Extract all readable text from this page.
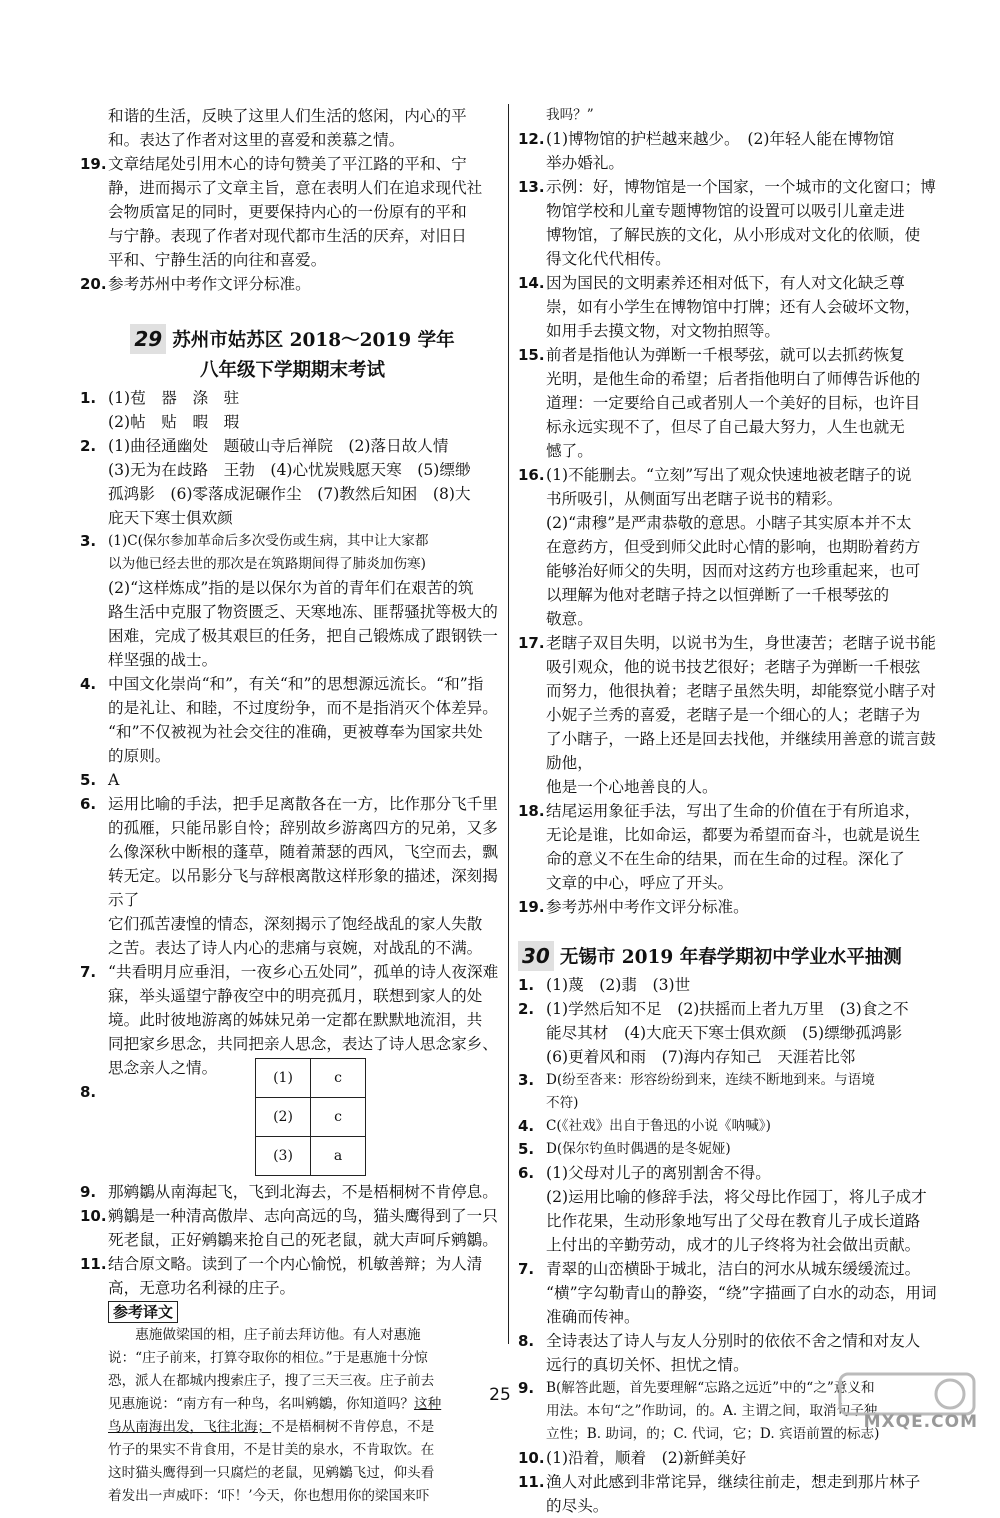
和谐的生活，反映了这里人们生活的悠闲，内心的平

和。表达了作者对这里的喜爱和羡慕之情。

19. 文章结尾处引用木心的诗句赞美了平江路的平和、宁

静，进而揭示了文章主旨，意在表明人们在追求现代社

会物质富足的同时，更要保持内心的一份原有的平和

与宁静。表现了作者对现代都市生活的厌弃，对旧日

平和、宁静生活的向往和喜爱。

20. 参考苏州中考作文评分标准。

29 苏州市姑苏区 2018～2019 学年

八年级下学期期末考试

1. (1)苞　器　涤　驻

(2)帖　贴　暇　瑕

2. (1)曲径通幽处　题破山寺后禅院　(2)落日故人情

(3)无为在歧路　王勃　(4)心忧炭贱愿天寒　(5)缥缈

孤鸿影　(6)零落成泥碾作尘　(7)教然后知困　(8)大

庇天下寒士俱欢颜

3. (1)C(保尔参加革命后多次受伤或生病，其中让大家都

以为他已经去世的那次是在筑路期间得了肺炎加伤寒)

(2)“这样炼成”指的是以保尔为首的青年们在艰苦的筑

路生活中克服了物资匮乏、天寒地冻、匪帮骚扰等极大的

困难，完成了极其艰巨的任务，把自己锻炼成了跟钢铁一

样坚强的战士。

4. 中国文化崇尚“和”，有关“和”的思想源远流长。“和”指

的是礼让、和睦，不过度纷争，而不是指消灭个体差异。

“和”不仅被视为社会交往的准确，更被尊奉为国家共处

的原则。

5. A

6. 运用比喻的手法，把手足离散各在一方，比作那分飞千里

的孤雁，只能吊影自怜；辞别故乡游离四方的兄弟，又多

么像深秋中断根的蓬草，随着萧瑟的西风，飞空而去，飘

转无定。以吊影分飞与辞根离散这样形象的描述，深刻揭示了

它们孤苦凄惶的情态，深刻揭示了饱经战乱的家人失散

之苦。表达了诗人内心的悲痛与哀婉，对战乱的不满。

7. “共看明月应垂泪，一夜乡心五处同”，孤单的诗人夜深难

寐，举头遥望宁静夜空中的明亮孤月，联想到家人的处

境。此时彼地游离的姊妹兄弟一定都在默默地流泪，共

同把家乡思念，共同把亲人思念，表达了诗人思念家乡、

思念亲人之情。

8.

(1)	c
(2)	c
(3)	a

9. 那鹓鶵从南海起飞，飞到北海去，不是梧桐树不肯停息。

10. 鹓鶵是一种清高傲岸、志向高远的鸟，猫头鹰得到了一只

死老鼠，正好鹓鶵来抢自己的死老鼠，就大声呵斥鹓鶵。

11. 结合原文略。读到了一个内心愉悦，机敏善辩；为人清

高，无意功名利禄的庄子。

参考译文

惠施做梁国的相，庄子前去拜访他。有人对惠施

说：“庄子前来，打算夺取你的相位。”于是惠施十分惊

恐，派人在都城内搜索庄子，搜了三天三夜。庄子前去

见惠施说：“南方有一种鸟，名叫鹓鶵，你知道吗？这种

鸟从南海出发，飞往北海；不是梧桐树不肯停息，不是

竹子的果实不肯食用，不是甘美的泉水，不肯取饮。在

这时猫头鹰得到一只腐烂的老鼠，见鹓鶵飞过，仰头看

着发出一声威吓：‘吓！’今天，你也想用你的梁国来吓

我吗？”

12. (1)博物馆的护栏越来越少。　(2)年轻人能在博物馆

举办婚礼。

13. 示例：好，博物馆是一个国家，一个城市的文化窗口；博

物馆学校和儿童专题博物馆的设置可以吸引儿童走进

博物馆，了解民族的文化，从小形成对文化的依顺，使

得文化代代相传。

14. 因为国民的文明素养还相对低下，有人对文化缺乏尊

崇，如有小学生在博物馆中打牌；还有人会破坏文物，

如用手去摸文物，对文物拍照等。

15. 前者是指他认为弹断一千根琴弦，就可以去抓药恢复

光明，是他生命的希望；后者指他明白了师傅告诉他的

道理：一定要给自己或者别人一个美好的目标，也许目

标永远实现不了，但尽了自己最大努力，人生也就无

憾了。

16. (1)不能删去。“立刻”写出了观众快速地被老瞎子的说

书所吸引，从侧面写出老瞎子说书的精彩。

(2)“肃穆”是严肃恭敬的意思。小瞎子其实原本并不太

在意药方，但受到师父此时心情的影响，也期盼着药方

能够治好师父的失明，因而对这药方也珍重起来，也可

以理解为他对老瞎子持之以恒弹断了一千根琴弦的

敬意。

17. 老瞎子双目失明，以说书为生，身世凄苦；老瞎子说书能

吸引观众，他的说书技艺很好；老瞎子为弹断一千根弦

而努力，他很执着；老瞎子虽然失明，却能察觉小瞎子对

小妮子兰秀的喜爱，老瞎子是一个细心的人；老瞎子为

了小瞎子，一路上还是回去找他，并继续用善意的谎言鼓励他，

他是一个心地善良的人。

18. 结尾运用象征手法，写出了生命的价值在于有所追求，

无论是谁，比如命运，都要为希望而奋斗，也就是说生

命的意义不在生命的结果，而在生命的过程。深化了

文章的中心，呼应了开头。

19. 参考苏州中考作文评分标准。

30 无锡市 2019 年春学期初中学业水平抽测

1. (1)蔑　(2)翡　(3)世

2. (1)学然后知不足　(2)扶摇而上者九万里　(3)食之不

能尽其材　(4)大庇天下寒士俱欢颜　(5)缥缈孤鸿影

(6)更着风和雨　(7)海内存知己　天涯若比邻

3. D(纷至沓来：形容纷纷到来，连续不断地到来。与语境

不符)

4. C(《社戏》出自于鲁迅的小说《呐喊》)

5. D(保尔钓鱼时偶遇的是冬妮娅)

6. (1)父母对儿子的离别割舍不得。

(2)运用比喻的修辞手法，将父母比作园丁，将儿子成才

比作花果，生动形象地写出了父母在教育儿子成长道路

上付出的辛勤劳动，成才的儿子终将为社会做出贡献。

7. 青翠的山峦横卧于城北，洁白的河水从城东缓缓流过。

“横”字勾勒青山的静姿，“绕”字描画了白水的动态，用词

准确而传神。

8. 全诗表达了诗人与友人分别时的依依不舍之情和对友人

远行的真切关怀、担忧之情。

9. B(解答此题，首先要理解“忘路之远近”中的“之”意义和

用法。本句“之”作助词，的。A. 主谓之间，取消句子独

立性；B. 助词，的；C. 代词，它；D. 宾语前置的标志)

10. (1)沿着，顺着　(2)新鲜美好

11. 渔人对此感到非常诧异，继续往前走，想走到那片林子

的尽头。

25
MXQE.COM
